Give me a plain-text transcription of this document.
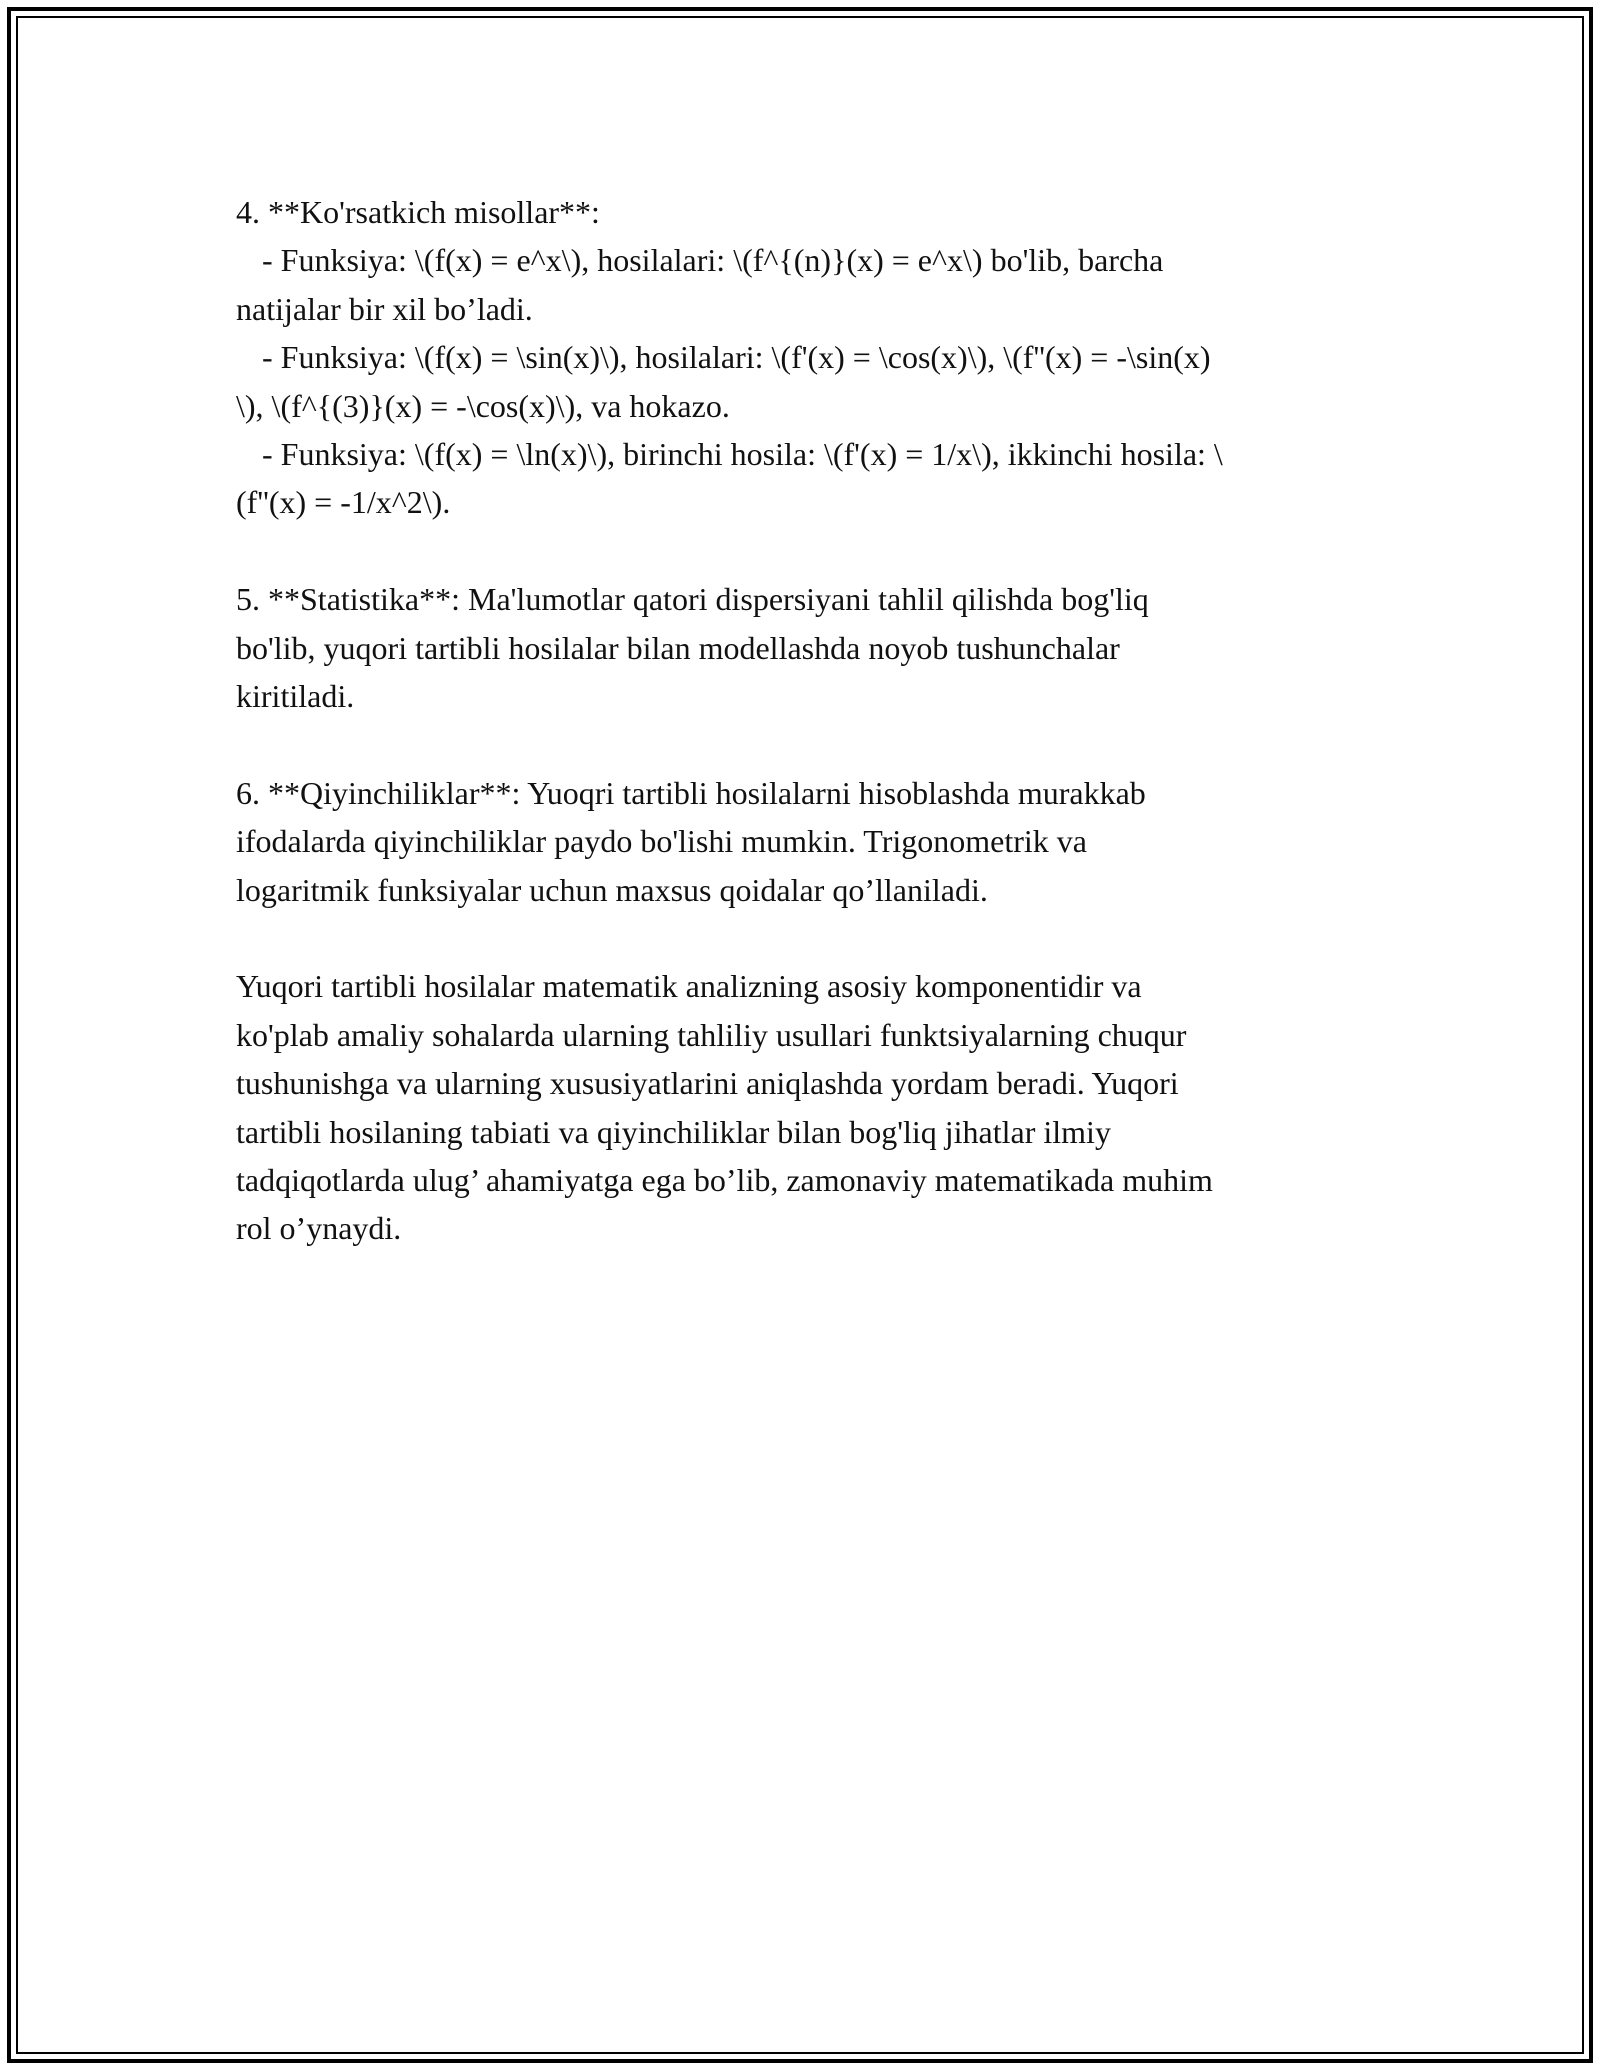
4. **Ko'rsatkich misollar**:
- Funksiya: \(f(x) = e^x\), hosilalari: \(f^{(n)}(x) = e^x\) bo'lib, barcha
natijalar bir xil bo’ladi.
- Funksiya: \(f(x) = \sin(x)\), hosilalari: \(f'(x) = \cos(x)\), \(f''(x) = -\sin(x)
\), \(f^{(3)}(x) = -\cos(x)\), va hokazo.
- Funksiya: \(f(x) = \ln(x)\), birinchi hosila: \(f'(x) = 1/x\), ikkinchi hosila: \
(f''(x) = -1/x^2\).
5. **Statistika**: Ma'lumotlar qatori dispersiyani tahlil qilishda bog'liq
bo'lib, yuqori tartibli hosilalar bilan modellashda noyob tushunchalar
kiritiladi.
6. **Qiyinchiliklar**: Yuoqri tartibli hosilalarni hisoblashda murakkab
ifodalarda qiyinchiliklar paydo bo'lishi mumkin. Trigonometrik va
logaritmik funksiyalar uchun maxsus qoidalar qo’llaniladi.
Yuqori tartibli hosilalar matematik analizning asosiy komponentidir va
ko'plab amaliy sohalarda ularning tahliliy usullari funktsiyalarning chuqur
tushunishga va ularning xususiyatlarini aniqlashda yordam beradi. Yuqori
tartibli hosilaning tabiati va qiyinchiliklar bilan bog'liq jihatlar ilmiy
tadqiqotlarda ulug’ ahamiyatga ega bo’lib, zamonaviy matematikada muhim
rol o’ynaydi.
